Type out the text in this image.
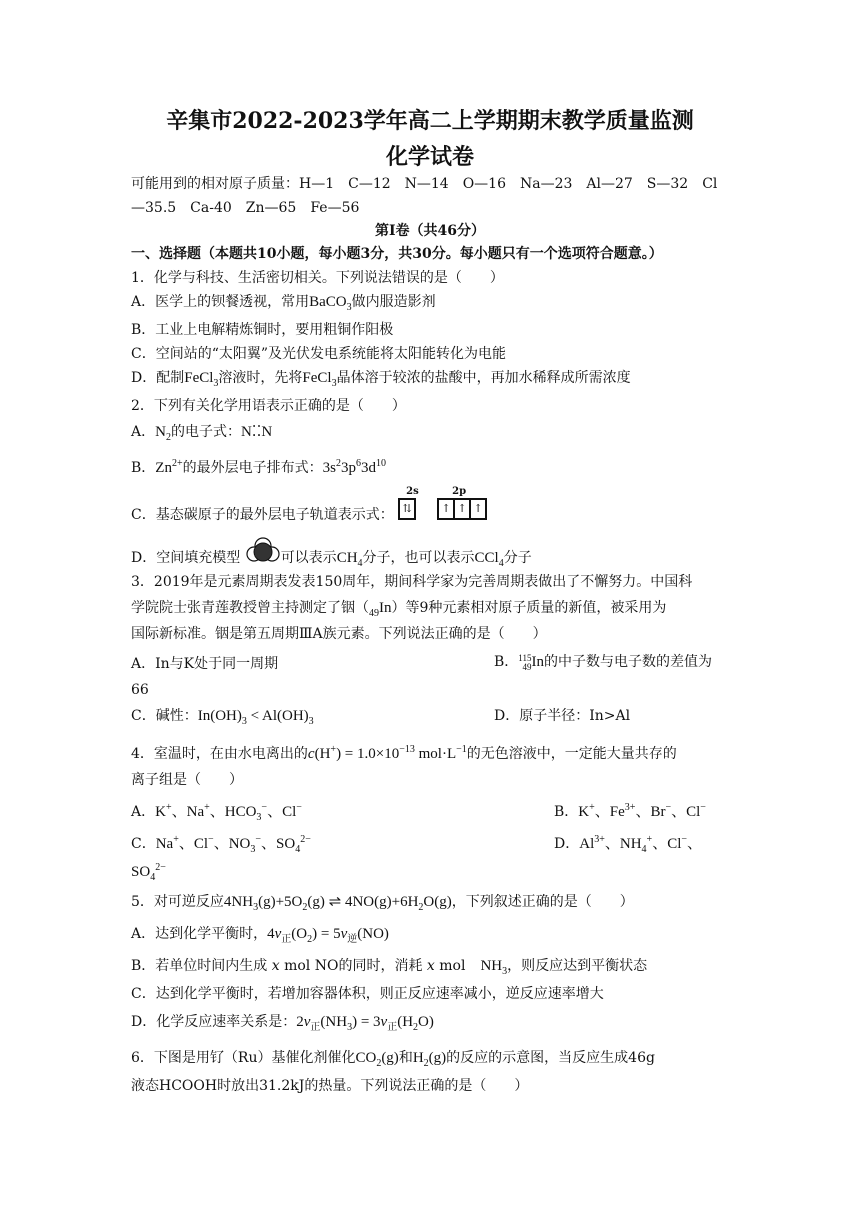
辛集市2022-2023学年高二上学期期末教学质量监测
化学试卷
可能用到的相对原子质量：H—1　C—12　N—14　O—16　Na—23　Al—27　S—32　Cl
—35.5　Ca-40　Zn—65　Fe—56
第Ⅰ卷（共46分）
一、选择题（本题共10小题，每小题3分，共30分。每小题只有一个选项符合题意。）
1．化学与科技、生活密切相关。下列说法错误的是（　　）
A．医学上的钡餐透视，常用BaCO$_3$做内服造影剂
B．工业上电解精炼铜时，要用粗铜作阳极
C．空间站的“太阳翼”及光伏发电系统能将太阳能转化为电能
D．配制FeCl$_3$溶液时，先将FeCl$_3$晶体溶于较浓的盐酸中，再加水稀释成所需浓度
2．下列有关化学用语表示正确的是（　　）
A．$N_2$的电子式：N⁚⁚N
B．$Zn^{2+}$的最外层电子排布式：$3s^23p^63d^{10}$
C．基态碳原子的最外层电子轨道表示式：
2s	2p
⇅	↑ ↑ ↑
D．空间填充模型	可以表示$CH_4$分子，也可以表示CCl$_4$分子
3．2019年是元素周期表发表150周年，期间科学家为完善周期表做出了不懈努力。中国科
学院院士张青莲教授曾主持测定了铟$(_{49}In)$等9种元素相对原子质量的新值，被采用为
国际新标准。铟是第五周期ⅢA族元素。下列说法正确的是（　　）
A．In与K处于同一周期	B．115
49In的中子数与电子数的差值为
66
C．碱性：$In(OH)_3 < Al(OH)_3$	D．原子半径：In>Al
4．室温时，在由水电离出的$c(H^+) = 1.0\times 10^{-13}$ $mol\cdot L^{-1}$的无色溶液中，一定能大量共存的
离子组是（　　）
A．K+、Na+、$HCO_3^-$、Cl−	B．K+、$Fe^{3+}$、Br−、Cl−
C．Na+、Cl−、$NO_3^-$、$SO_4^{2-}$	D．$Al^{3+}$、$NH_4^+$、Cl−、
$SO_4^{2-}$
5．对可逆反应$4NH_3(g)+5O_2(g)$ ⇌ $4NO(g)+6H_2O(g)$，下列叙述正确的是（　　）
A．达到化学平衡时，$4v_正(O_2) = 5v_逆(NO)$
B．若单位时间内生成 x mol NO的同时，消耗 x mol　$NH_3$，则反应达到平衡状态
C．达到化学平衡时，若增加容器体积，则正反应速率减小，逆反应速率增大
D．化学反应速率关系是：$2v_正(NH_3) = 3v_正(H_2O)$
6．下图是用钌（Ru）基催化剂催化$CO_2(g)$和$H_2(g)$的反应的示意图，当反应生成46g
液态HCOOH时放出31.2kJ的热量。下列说法正确的是（　　）
